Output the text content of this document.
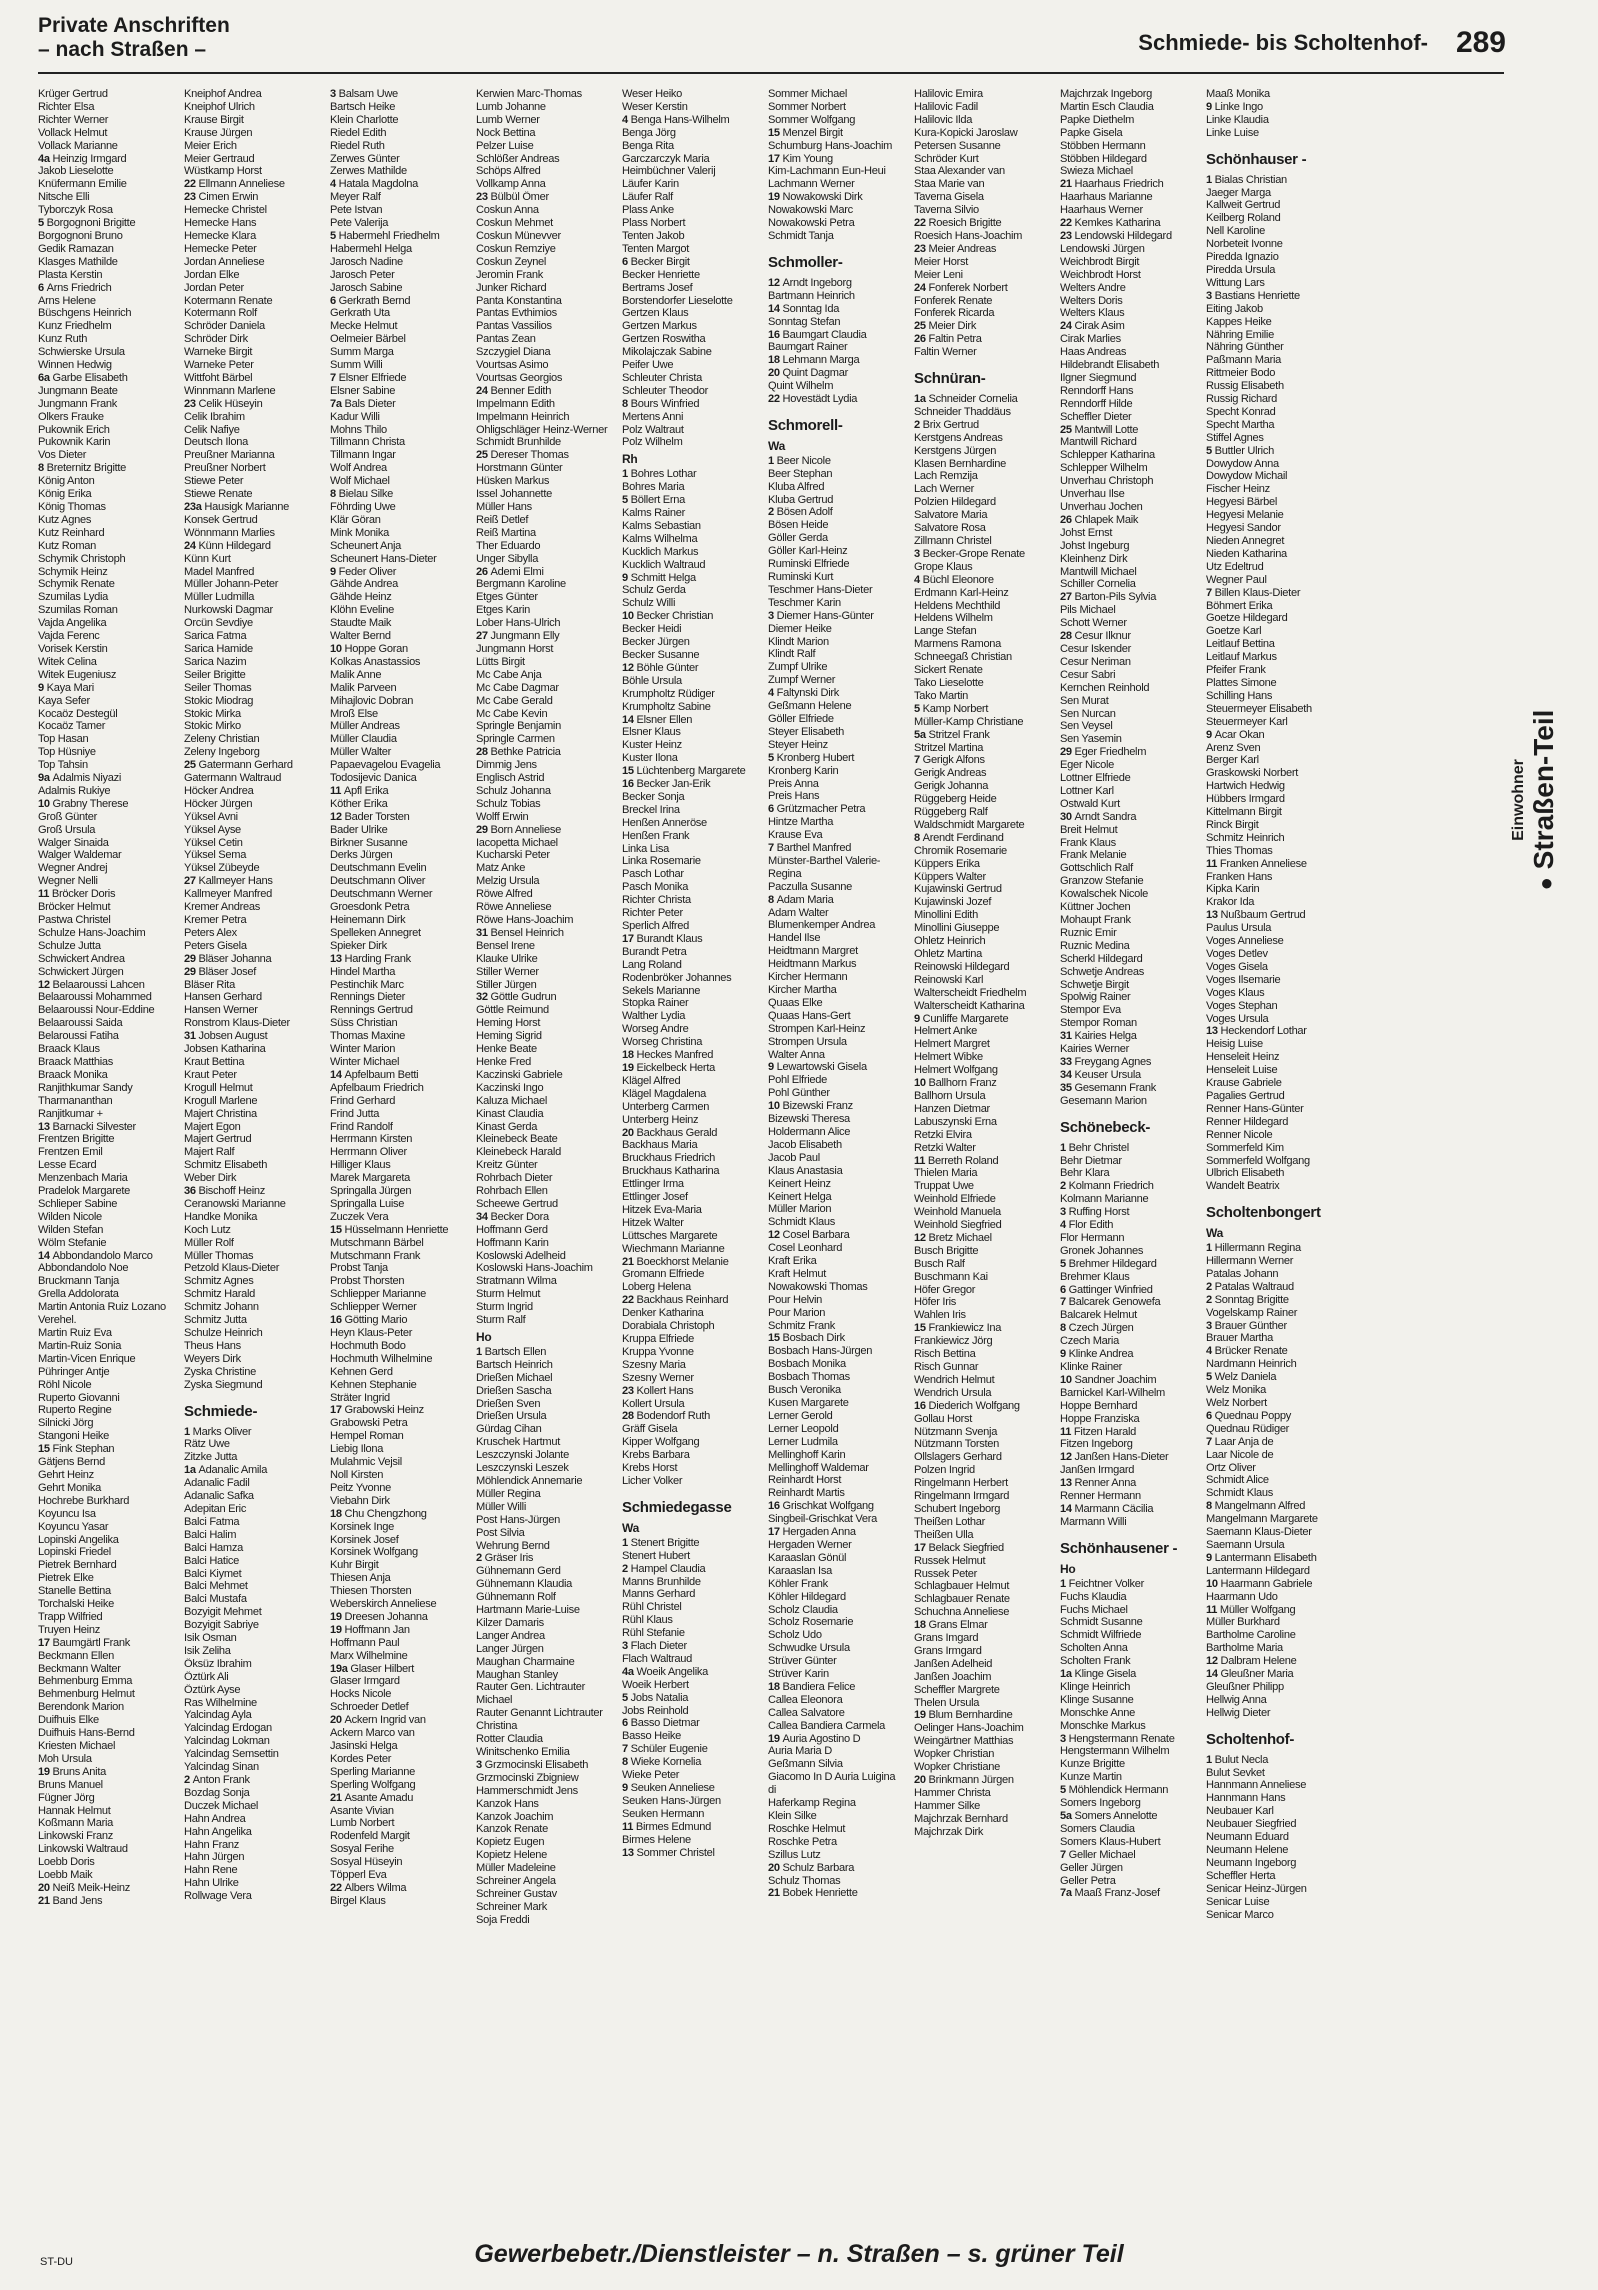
Private Anschriften
– nach Straßen –	Schmiede- bis Scholtenhof- 289
Krüger Gertrud
Richter Elsa
Richter Werner
Vollack Helmut
Vollack Marianne
4a Heinzig Irmgard
Jakob Lieselotte
Knüfermann Emilie
Nitsche Elli
Tyborczyk Rosa
5 Borgognoni Brigitte
Borgognoni Bruno
Gedik Ramazan
Klasges Mathilde
Plasta Kerstin
6 Arns Friedrich
Arns Helene
Büschgens Heinrich
Kunz Friedhelm
Kunz Ruth
Schwierske Ursula
Winnen Hedwig
6a Garbe Elisabeth
Jungmann Beate
Jungmann Frank
Olkers Frauke
Pukownik Erich
Pukownik Karin
Vos Dieter
8 Breternitz Brigitte
König Anton
König Erika
König Thomas
Kutz Agnes
Kutz Reinhard
Kutz Roman
Schymik Christoph
Schymik Heinz
Schymik Renate
Szumilas Lydia
Szumilas Roman
Vajda Angelika
Vajda Ferenc
Vorisek Kerstin
Witek Celina
Witek Eugeniusz
9 Kaya Mari
Kaya Sefer
Kocaöz Destegül
Kocaöz Tamer
Top Hasan
Top Hüsniye
Top Tahsin
9a Adalmis Niyazi
Adalmis Rukiye
10 Grabny Therese
Groß Günter
Groß Ursula
Walger Sinaida
Walger Waldemar
Wegner Andrej
Wegner Nelli
11 Bröcker Doris
Bröcker Helmut
Pastwa Christel
Schulze Hans-Joachim
Schulze Jutta
Schwickert Andrea
Schwickert Jürgen
12 Belaaroussi Lahcen
Belaaroussi Mohammed
Belaaroussi Nour-Eddine
Belaaroussi Saida
Belaroussi Fatiha
Braack Klaus
Braack Matthias
Braack Monika
Ranjithkumar Sandy
Tharmananthan
Ranjitkumar +
13 Barnacki Silvester
Frentzen Brigitte
Frentzen Emil
Lesse Ecard
Menzenbach Maria
Pradelok Margarete
Schlieper Sabine
Wilden Nicole
Wilden Stefan
Wölm Stefanie
14 Abbondandolo Marco
Abbondandolo Noe
Bruckmann Tanja
Grella Addolorata
Martin Antonia Ruiz Lozano
Verehel.
Martin Ruiz Eva
Martin-Ruiz Sonia
Martin-Vicen Enrique
Pühringer Antje
Röhl Nicole
Ruperto Giovanni
Ruperto Regine
Silnicki Jörg
Stangoni Heike
15 Fink Stephan
Gätjens Bernd
Gehrt Heinz
Gehrt Monika
Hochrebe Burkhard
Koyuncu Isa
Koyuncu Yasar
Lopinski Angelika
Lopinski Friedel
Pietrek Bernhard
Pietrek Elke
Stanelle Bettina
Torchalski Heike
Trapp Wilfried
Truyen Heinz
17 Baumgärtl Frank
Beckmann Ellen
Beckmann Walter
Behmenburg Emma
Behmenburg Helmut
Berendonk Marion
Duifhuis Elke
Duifhuis Hans-Bernd
Kriesten Michael
Moh Ursula
19 Bruns Anita
Bruns Manuel
Fügner Jörg
Hannak Helmut
Koßmann Maria
Linkowski Franz
Linkowski Waltraud
Loebb Doris
Loebb Maik
20 Neiß Meik-Heinz
21 Band Jens
Kneiphof Andrea
Kneiphof Ulrich
Krause Birgit
Krause Jürgen
Meier Erich
Meier Gertraud
Wüstkamp Horst
22 Ellmann Anneliese
23 Cimen Erwin
Hemecke Christel
Hemecke Hans
Hemecke Klara
Hemecke Peter
Jordan Anneliese
Jordan Elke
Jordan Peter
Kotermann Renate
Kotermann Rolf
Schröder Daniela
Schröder Dirk
Warneke Birgit
Warneke Peter
Wittfoht Bärbel
Winnmann Marlene
23 Celik Hüseyin
Celik Ibrahim
Celik Nafiye
Deutsch Ilona
Preußner Marianna
Preußner Norbert
Stiewe Peter
Stiewe Renate
23a Hausigk Marianne
Konsek Gertrud
Wönnmann Marlies
24 Künn Hildegard
Künn Kurt
Madel Manfred
Müller Johann-Peter
Müller Ludmilla
Nurkowski Dagmar
Orcün Sevdiye
Sarica Fatma
Sarica Hamide
Sarica Nazim
Seiler Brigitte
Seiler Thomas
Stokic Miodrag
Stokic Mirka
Stokic Mirko
Zeleny Christian
Zeleny Ingeborg
25 Gatermann Gerhard
Gatermann Waltraud
Höcker Andrea
Höcker Jürgen
Yüksel Avni
Yüksel Ayse
Yüksel Cetin
Yüksel Sema
Yüksel Zübeyde
27 Kallmeyer Hans
Kallmeyer Manfred
Kremer Andreas
Kremer Petra
Peters Alex
Peters Gisela
29 Bläser Johanna
29 Bläser Josef
Bläser Rita
Hansen Gerhard
Hansen Werner
Ronstrom Klaus-Dieter
31 Jobsen August
Jobsen Katharina
Kraut Bettina
Kraut Peter
Krogull Helmut
Krogull Marlene
Majert Christina
Majert Egon
Majert Gertrud
Majert Ralf
Schmitz Elisabeth
Weber Dirk
36 Bischoff Heinz
Ceranowski Marianne
Handke Monika
Koch Lutz
Müller Rolf
Müller Thomas
Petzold Klaus-Dieter
Schmitz Agnes
Schmitz Harald
Schmitz Johann
Schmitz Jutta
Schulze Heinrich
Theus Hans
Weyers Dirk
Zyska Christine
Zyska Siegmund
Schmiede-
1 Marks Oliver
Rätz Uwe
Zitzke Jutta
1a Adanalic Amila
Adanalic Fadil
Adanalic Safka
Adepitan Eric
Balci Fatma
Balci Halim
Balci Hamza
Balci Hatice
Balci Kiymet
Balci Mehmet
Balci Mustafa
Bozyigit Mehmet
Bozyigit Sabriye
Isik Osman
Isik Zeliha
Öksüz Ibrahim
Öztürk Ali
Öztürk Ayse
Ras Wilhelmine
Yalcindag Ayla
Yalcindag Erdogan
Yalcindag Lokman
Yalcindag Semsettin
Yalcindag Sinan
2 Anton Frank
Bozdag Sonja
Duczek Michael
Hahn Andrea
Hahn Angelika
Hahn Franz
Hahn Jürgen
Hahn Rene
Hahn Ulrike
Rollwage Vera
3 Balsam Uwe
Bartsch Heike
Klein Charlotte
Riedel Edith
Riedel Ruth
Zerwes Günter
Zerwes Mathilde
4 Hatala Magdolna
Meyer Ralf
Pete Istvan
Pete Valerija
5 Habermehl Friedhelm
Habermehl Helga
Jarosch Nadine
Jarosch Peter
Jarosch Sabine
6 Gerkrath Bernd
Gerkrath Uta
Mecke Helmut
Oelmeier Bärbel
Summ Marga
Summ Willi
7 Elsner Elfriede
Elsner Sabine
7a Bals Dieter
Kadur Willi
Mohns Thilo
Tillmann Christa
Tillmann Ingar
Wolf Andrea
Wolf Michael
8 Bielau Silke
Föhrding Uwe
Klär Göran
Mink Monika
Scheunert Anja
Scheunert Hans-Dieter
9 Feder Oliver
Gähde Andrea
Gähde Heinz
Klöhn Eveline
Staudte Maik
Walter Bernd
10 Hoppe Goran
Kolkas Anastassios
Malik Anne
Malik Parveen
Mihajlovic Dobran
Mroß Else
Müller Andreas
Müller Claudia
Müller Walter
Papaevagelou Evagelia
Todosijevic Danica
11 Apfl Erika
Köther Erika
12 Bader Torsten
Bader Ulrike
Birkner Susanne
Derks Jürgen
Deutschmann Evelin
Deutschmann Oliver
Deutschmann Werner
Groesdonk Petra
Heinemann Dirk
Spelleken Annegret
Spieker Dirk
13 Harding Frank
Hindel Martha
Pestinchik Marc
Rennings Dieter
Rennings Gertrud
Süss Christian
Thomas Maxine
Winter Marion
Winter Michael
14 Apfelbaum Betti
Apfelbaum Friedrich
Frind Gerhard
Frind Jutta
Frind Randolf
Herrmann Kirsten
Herrmann Oliver
Hilliger Klaus
Marek Margareta
Springalla Jürgen
Springalla Luise
Zuczek Vera
15 Hüsselmann Henriette
Mutschmann Bärbel
Mutschmann Frank
Probst Tanja
Probst Thorsten
Schliepper Marianne
Schliepper Werner
16 Götting Mario
Heyn Klaus-Peter
Hochmuth Bodo
Hochmuth Wilhelmine
Kehnen Gerd
Kehnen Stephanie
Sträter Ingrid
17 Grabowski Heinz
Grabowski Petra
Hempel Roman
Liebig Ilona
Mulahmic Vejsil
Noll Kirsten
Peitz Yvonne
Viebahn Dirk
18 Chu Chengzhong
Korsinek Inge
Korsinek Josef
Korsinek Wolfgang
Kuhr Birgit
Thiesen Anja
Thiesen Thorsten
Weberskirch Anneliese
19 Dreesen Johanna
19 Hoffmann Jan
Hoffmann Paul
Marx Wilhelmine
19a Glaser Hilbert
Glaser Irmgard
Hocks Nicole
Schroeder Detlef
20 Ackern Ingrid van
Ackern Marco van
Jasinski Helga
Kordes Peter
Sperling Marianne
Sperling Wolfgang
21 Asante Amadu
Asante Vivian
Lumb Norbert
Rodenfeld Margit
Sosyal Ferihe
Sosyal Hüseyin
Töpperl Eva
22 Albers Wilma
Birgel Klaus
Kerwien Marc-Thomas
Lumb Johanne
Lumb Werner
Nock Bettina
Pelzer Luise
Schlößer Andreas
Schöps Alfred
Vollkamp Anna
23 Bülbül Ömer
Coskun Anna
Coskun Mehmet
Coskun Münevver
Coskun Remziye
Coskun Zeynel
Jeromin Frank
Junker Richard
Panta Konstantina
Pantas Evthimios
Pantas Vassilios
Pantas Zean
Szczygiel Diana
Vourtsas Asimo
Vourtsas Georgios
24 Benner Edith
Impelmann Edith
Impelmann Heinrich
Ohligschläger Heinz-Werner
Schmidt Brunhilde
25 Dereser Thomas
Horstmann Günter
Hüsken Markus
Issel Johannette
Müller Hans
Reiß Detlef
Reiß Martina
Ther Eduardo
Unger Sibylla
26 Ademi Elmi
Bergmann Karoline
Etges Günter
Etges Karin
Lober Hans-Ulrich
27 Jungmann Elly
Jungmann Horst
Lütts Birgit
Mc Cabe Anja
Mc Cabe Dagmar
Mc Cabe Gerald
Mc Cabe Kevin
Springle Benjamin
Springle Carmen
28 Bethke Patricia
Dimmig Jens
Englisch Astrid
Schulz Johanna
Schulz Tobias
Wolff Erwin
29 Born Anneliese
Iacopetta Michael
Kucharski Peter
Matz Anke
Melzig Ursula
Röwe Alfred
Röwe Anneliese
Röwe Hans-Joachim
31 Bensel Heinrich
Bensel Irene
Klauke Ulrike
Stiller Werner
Stiller Jürgen
32 Göttle Gudrun
Göttle Reimund
Heming Horst
Heming Sigrid
Henke Beate
Henke Fred
Kaczinski Gabriele
Kaczinski Ingo
Kaluza Michael
Kinast Claudia
Kinast Gerda
Kleinebeck Beate
Kleinebeck Harald
Kreitz Günter
Rohrbach Dieter
Rohrbach Ellen
Scheewe Gertrud
34 Becker Dora
Hoffmann Gerd
Hoffmann Karin
Koslowski Adelheid
Koslowski Hans-Joachim
Stratmann Wilma
Sturm Helmut
Sturm Ingrid
Sturm Ralf
Ho
1 Bartsch Ellen
Bartsch Heinrich
Drießen Michael
Drießen Sascha
Drießen Sven
Drießen Ursula
Gürdag Cihan
Kruschek Hartmut
Leszczynski Jolante
Leszczynski Leszek
Möhlendick Annemarie
Müller Regina
Müller Willi
Post Hans-Jürgen
Post Silvia
Wehrung Bernd
2 Gräser Iris
Gühnemann Gerd
Gühnemann Klaudia
Gühnemann Rolf
Hartmann Marie-Luise
Kilzer Damaris
Langer Andrea
Langer Jürgen
Maughan Charmaine
Maughan Stanley
Rauter Gen. Lichtrauter
Michael
Rauter Genannt Lichtrauter
Christina
Rotter Claudia
Winitschenko Emilia
3 Grzmocinski Elisabeth
Grzmocinski Zbigniew
Hammerschmidt Jens
Kanzok Hans
Kanzok Joachim
Kanzok Renate
Kopietz Eugen
Kopietz Helene
Müller Madeleine
Schreiner Angela
Schreiner Gustav
Schreiner Mark
Soja Freddi
Weser Heiko
Weser Kerstin
4 Benga Hans-Wilhelm
Benga Jörg
Benga Rita
Garczarczyk Maria
Heimbüchner Valerij
Läufer Karin
Läufer Ralf
Plass Anke
Plass Norbert
Tenten Jakob
Tenten Margot
6 Becker Birgit
Becker Henriette
Bertrams Josef
Borstendorfer Lieselotte
Gertzen Klaus
Gertzen Markus
Gertzen Roswitha
Mikolajczak Sabine
Peifer Uwe
Schleuter Christa
Schleuter Theodor
8 Bours Winfried
Mertens Anni
Polz Waltraut
Polz Wilhelm
Rh
1 Bohres Lothar
Bohres Maria
5 Böllert Erna
Kalms Rainer
Kalms Sebastian
Kalms Wilhelma
Kucklich Markus
Kucklich Waltraud
9 Schmitt Helga
Schulz Gerda
Schulz Willi
10 Becker Christian
Becker Heidi
Becker Jürgen
Becker Susanne
12 Böhle Günter
Böhle Ursula
Krumpholtz Rüdiger
Krumpholtz Sabine
14 Elsner Ellen
Elsner Klaus
Kuster Heinz
Kuster Ilona
15 Lüchtenberg Margarete
16 Becker Jan-Erik
Becker Sonja
Breckel Irina
Henßen Anneröse
Henßen Frank
Linka Lisa
Linka Rosemarie
Pasch Lothar
Pasch Monika
Richter Christa
Richter Peter
Sperlich Alfred
17 Burandt Klaus
Burandt Petra
Lang Roland
Rodenbröker Johannes
Sekels Marianne
Stopka Rainer
Walther Lydia
Worseg Andre
Worseg Christina
18 Heckes Manfred
19 Eickelbeck Herta
Klägel Alfred
Klägel Magdalena
Unterberg Carmen
Unterberg Heinz
20 Backhaus Gerald
Backhaus Maria
Bruckhaus Friedrich
Bruckhaus Katharina
Ettlinger Irma
Ettlinger Josef
Hitzek Eva-Maria
Hitzek Walter
Lüttsches Margarete
Wiechmann Marianne
21 Boeckhorst Melanie
Gromann Elfriede
Loberg Helena
22 Backhaus Reinhard
Denker Katharina
Dorabiala Christoph
Kruppa Elfriede
Kruppa Yvonne
Szesny Maria
Szesny Werner
23 Kollert Hans
Kollert Ursula
28 Bodendorf Ruth
Gräff Gisela
Kipper Wolfgang
Krebs Barbara
Krebs Horst
Licher Volker
Schmiedegasse
Wa
1 Stenert Brigitte
Stenert Hubert
2 Hampel Claudia
Manns Brunhilde
Manns Gerhard
Rühl Christel
Rühl Klaus
Rühl Stefanie
3 Flach Dieter
Flach Waltraud
4a Woeik Angelika
Woeik Herbert
5 Jobs Natalia
Jobs Reinhold
6 Basso Dietmar
Basso Heike
7 Schüler Eugenie
8 Wieke Kornelia
Wieke Peter
9 Seuken Anneliese
Seuken Hans-Jürgen
Seuken Hermann
11 Birmes Edmund
Birmes Helene
13 Sommer Christel
Sommer Michael
Sommer Norbert
Sommer Wolfgang
15 Menzel Birgit
Schumburg Hans-Joachim
17 Kim Young
Kim-Lachmann Eun-Heui
Lachmann Werner
19 Nowakowski Dirk
Nowakowski Marc
Nowakowski Petra
Schmidt Tanja
Schmoller-
12 Arndt Ingeborg
Bartmann Heinrich
14 Sonntag Ida
Sonntag Stefan
16 Baumgart Claudia
Baumgart Rainer
18 Lehmann Marga
20 Quint Dagmar
Quint Wilhelm
22 Hovestädt Lydia
Schmorell-
Wa
1 Beer Nicole
Beer Stephan
Kluba Alfred
Kluba Gertrud
2 Bösen Adolf
Bösen Heide
Göller Gerda
Göller Karl-Heinz
Ruminski Elfriede
Ruminski Kurt
Teschmer Hans-Dieter
Teschmer Karin
3 Diemer Hans-Günter
Diemer Heike
Klindt Marion
Klindt Ralf
Zumpf Ulrike
Zumpf Werner
4 Faltynski Dirk
Geßmann Helene
Göller Elfriede
Steyer Elisabeth
Steyer Heinz
5 Kronberg Hubert
Kronberg Karin
Preis Anna
Preis Hans
6 Grützmacher Petra
Hintze Martha
Krause Eva
7 Barthel Manfred
Münster-Barthel Valerie-
Regina
Paczulla Susanne
8 Adam Maria
Adam Walter
Blumenkemper Andrea
Handel Ilse
Heidtmann Margret
Heidtmann Markus
Kircher Hermann
Kircher Martha
Quaas Elke
Quaas Hans-Gert
Strompen Karl-Heinz
Strompen Ursula
Walter Anna
9 Lewartowski Gisela
Pohl Elfriede
Pohl Günther
10 Bizewski Franz
Bizewski Theresa
Holdermann Alice
Jacob Elisabeth
Jacob Paul
Klaus Anastasia
Keinert Heinz
Keinert Helga
Müller Marion
Schmidt Klaus
12 Cosel Barbara
Cosel Leonhard
Kraft Erika
Kraft Helmut
Nowakowski Thomas
Pour Helvin
Pour Marion
Schmitz Frank
15 Bosbach Dirk
Bosbach Hans-Jürgen
Bosbach Monika
Bosbach Thomas
Busch Veronika
Kusen Margarete
Lerner Gerold
Lerner Leopold
Lerner Ludmila
Mellinghoff Karin
Mellinghoff Waldemar
Reinhardt Horst
Reinhardt Martis
16 Grischkat Wolfgang
Singbeil-Grischkat Vera
17 Hergaden Anna
Hergaden Werner
Karaaslan Gönül
Karaaslan Isa
Köhler Frank
Köhler Hildegard
Scholz Claudia
Scholz Rosemarie
Scholz Udo
Schwudke Ursula
Strüver Günter
Strüver Karin
18 Bandiera Felice
Callea Eleonora
Callea Salvatore
Callea Bandiera Carmela
19 Auria Agostino D
Auria Maria D
Geßmann Silvia
Giacomo In D Auria Luigina
di
Haferkamp Regina
Klein Silke
Roschke Helmut
Roschke Petra
Szillus Lutz
20 Schulz Barbara
Schulz Thomas
21 Bobek Henriette
Halilovic Emira
Halilovic Fadil
Halilovic Ilda
Kura-Kopicki Jaroslaw
Petersen Susanne
Schröder Kurt
Staa Alexander van
Staa Marie van
Taverna Gisela
Taverna Silvio
22 Roesich Brigitte
Roesich Hans-Joachim
23 Meier Andreas
Meier Horst
Meier Leni
24 Fonferek Norbert
Fonferek Renate
Fonferek Ricarda
25 Meier Dirk
26 Faltin Petra
Faltin Werner
Schnüran-
1a Schneider Cornelia
Schneider Thaddäus
2 Brix Gertrud
Kerstgens Andreas
Kerstgens Jürgen
Klasen Bernhardine
Lach Remzija
Lach Werner
Polzien Hildegard
Salvatore Maria
Salvatore Rosa
Zillmann Christel
3 Becker-Grope Renate
Grope Klaus
4 Büchl Eleonore
Erdmann Karl-Heinz
Heldens Mechthild
Heldens Wilhelm
Lange Stefan
Marmens Ramona
Schneegaß Christian
Sickert Renate
Tako Lieselotte
Tako Martin
5 Kamp Norbert
Müller-Kamp Christiane
5a Stritzel Frank
Stritzel Martina
7 Gerigk Alfons
Gerigk Andreas
Gerigk Johanna
Rüggeberg Heide
Rüggeberg Ralf
Waldschmidt Margarete
8 Arendt Ferdinand
Chromik Rosemarie
Küppers Erika
Küppers Walter
Kujawinski Gertrud
Kujawinski Jozef
Minollini Edith
Minollini Giuseppe
Ohletz Heinrich
Ohletz Martina
Reinowski Hildegard
Reinowski Karl
Walterscheidt Friedhelm
Walterscheidt Katharina
9 Cunliffe Margarete
Helmert Anke
Helmert Margret
Helmert Wibke
Helmert Wolfgang
10 Ballhorn Franz
Ballhorn Ursula
Hanzen Dietmar
Labuszynski Erna
Retzki Elvira
Retzki Walter
11 Berreth Roland
Thielen Maria
Truppat Uwe
Weinhold Elfriede
Weinhold Manuela
Weinhold Siegfried
12 Bretz Michael
Busch Brigitte
Busch Ralf
Buschmann Kai
Höfer Gregor
Höfer Iris
Wahlen Iris
15 Frankiewicz Ina
Frankiewicz Jörg
Risch Bettina
Risch Gunnar
Wendrich Helmut
Wendrich Ursula
16 Diederich Wolfgang
Gollau Horst
Nützmann Svenja
Nützmann Torsten
Ollslagers Gerhard
Polzen Ingrid
Ringelmann Herbert
Ringelmann Irmgard
Schubert Ingeborg
Theißen Lothar
Theißen Ulla
17 Belack Siegfried
Russek Helmut
Russek Peter
Schlagbauer Helmut
Schlagbauer Renate
Schuchna Anneliese
18 Grans Elmar
Grans Imgard
Grans Irmgard
Janßen Adelheid
Janßen Joachim
Scheffler Margrete
Thelen Ursula
19 Blum Bernhardine
Oelinger Hans-Joachim
Weingärtner Matthias
Wopker Christian
Wopker Christiane
20 Brinkmann Jürgen
Hammer Christa
Hammer Silke
Majchrzak Bernhard
Majchrzak Dirk
Majchrzak Ingeborg
Martin Esch Claudia
Papke Diethelm
Papke Gisela
Stöbben Hermann
Stöbben Hildegard
Swieza Michael
21 Haarhaus Friedrich
Haarhaus Marianne
Haarhaus Werner
22 Kemkes Katharina
23 Lendowski Hildegard
Lendowski Jürgen
Weichbrodt Birgit
Weichbrodt Horst
Welters Andre
Welters Doris
Welters Klaus
24 Cirak Asim
Cirak Marlies
Haas Andreas
Hildebrandt Elisabeth
Ilgner Siegmund
Renndorff Hans
Renndorff Hilde
Scheffler Dieter
25 Mantwill Lotte
Mantwill Richard
Schlepper Katharina
Schlepper Wilhelm
Unverhau Christoph
Unverhau Ilse
Unverhau Jochen
26 Chlapek Maik
Johst Ernst
Johst Ingeburg
Kleinhenz Dirk
Mantwill Michael
Schiller Cornelia
27 Barton-Pils Sylvia
Pils Michael
Schott Werner
28 Cesur Ilknur
Cesur Iskender
Cesur Neriman
Cesur Sabri
Kernchen Reinhold
Sen Murat
Sen Nurcan
Sen Veysel
Sen Yasemin
29 Eger Friedhelm
Eger Nicole
Lottner Elfriede
Lottner Karl
Ostwald Kurt
30 Arndt Sandra
Breit Helmut
Frank Klaus
Frank Melanie
Gottschlich Ralf
Granzow Stefanie
Kowalschek Nicole
Küttner Jochen
Mohaupt Frank
Ruznic Emir
Ruznic Medina
Scherkl Hildegard
Schwetje Andreas
Schwetje Birgit
Spolwig Rainer
Stempor Eva
Stempor Roman
31 Kairies Helga
Kairies Werner
33 Freygang Agnes
34 Keuser Ursula
35 Gesemann Frank
Gesemann Marion
Schönebeck-
1 Behr Christel
Behr Dietmar
Behr Klara
2 Kolmann Friedrich
Kolmann Marianne
3 Ruffing Horst
4 Flor Edith
Flor Hermann
Gronek Johannes
5 Brehmer Hildegard
Brehmer Klaus
6 Gattinger Winfried
7 Balcarek Genowefa
Balcarek Helmut
8 Czech Jürgen
Czech Maria
9 Klinke Andrea
Klinke Rainer
10 Sandner Joachim
Barnickel Karl-Wilhelm
Hoppe Bernhard
Hoppe Franziska
11 Fitzen Harald
Fitzen Ingeborg
12 Janßen Hans-Dieter
Janßen Irmgard
13 Renner Anna
Renner Hermann
14 Marmann Cäcilia
Marmann Willi
Schönhausener -
Ho
1 Feichtner Volker
Fuchs Klaudia
Fuchs Michael
Schmidt Susanne
Schmidt Wilfriede
Scholten Anna
Scholten Frank
1a Klinge Gisela
Klinge Heinrich
Klinge Susanne
Monschke Anne
Monschke Markus
3 Hengstermann Renate
Hengstermann Wilhelm
Kunze Brigitte
Kunze Martin
5 Möhlendick Hermann
Somers Ingeborg
5a Somers Annelotte
Somers Claudia
Somers Klaus-Hubert
7 Geller Michael
Geller Jürgen
Geller Petra
7a Maaß Franz-Josef
Maaß Monika
9 Linke Ingo
Linke Klaudia
Linke Luise
Schönhauser -
1 Bialas Christian
Jaeger Marga
Kallweit Gertrud
Keilberg Roland
Nell Karoline
Norbeteit Ivonne
Piredda Ignazio
Piredda Ursula
Wittung Lars
3 Bastians Henriette
Eiting Jakob
Kappes Heike
Nähring Emilie
Nähring Günther
Paßmann Maria
Rittmeier Bodo
Russig Elisabeth
Russig Richard
Specht Konrad
Specht Martha
Stiffel Agnes
5 Buttler Ulrich
Dowydow Anna
Dowydow Michail
Fischer Heinz
Hegyesi Bärbel
Hegyesi Melanie
Hegyesi Sandor
Nieden Annegret
Nieden Katharina
Utz Edeltrud
Wegner Paul
7 Billen Klaus-Dieter
Böhmert Erika
Goetze Hildegard
Goetze Karl
Leitlauf Bettina
Leitlauf Markus
Pfeifer Frank
Plattes Simone
Schilling Hans
Steuermeyer Elisabeth
Steuermeyer Karl
9 Acar Okan
Arenz Sven
Berger Karl
Graskowski Norbert
Hartwich Hedwig
Hübbers Irmgard
Kittelmann Birgit
Rinck Birgit
Schmitz Heinrich
Thies Thomas
11 Franken Anneliese
Franken Hans
Kipka Karin
Krakor Ida
13 Nußbaum Gertrud
Paulus Ursula
Voges Anneliese
Voges Detlev
Voges Gisela
Voges Ilsemarie
Voges Klaus
Voges Stephan
Voges Ursula
13 Heckendorf Lothar
Heisig Luise
Henseleit Heinz
Henseleit Luise
Krause Gabriele
Pagalies Gertrud
Renner Hans-Günter
Renner Hildegard
Renner Nicole
Sommerfeld Kim
Sommerfeld Wolfgang
Ulbrich Elisabeth
Wandelt Beatrix
Scholtenbongert
Wa
1 Hillermann Regina
Hillermann Werner
Patalas Johann
2 Patalas Waltraud
2 Sonntag Brigitte
Vogelskamp Rainer
3 Brauer Günther
Brauer Martha
4 Brücker Renate
Nardmann Heinrich
5 Welz Daniela
Welz Monika
Welz Norbert
6 Quednau Poppy
Quednau Rüdiger
7 Laar Anja de
Laar Nicole de
Ortz Oliver
Schmidt Alice
Schmidt Klaus
8 Mangelmann Alfred
Mangelmann Margarete
Saemann Klaus-Dieter
Saemann Ursula
9 Lantermann Elisabeth
Lantermann Hildegard
10 Haarmann Gabriele
Haarmann Udo
11 Müller Wolfgang
Müller Burkhard
Bartholme Caroline
Bartholme Maria
12 Dalbram Helene
14 Gleußner Maria
Gleußner Philipp
Hellwig Anna
Hellwig Dieter
Scholtenhof-
1 Bulut Necla
Bulut Sevket
Hannmann Anneliese
Hannmann Hans
Neubauer Karl
Neubauer Siegfried
Neumann Eduard
Neumann Helene
Neumann Ingeborg
Scheffler Herta
Senicar Heinz-Jürgen
Senicar Luise
Senicar Marco
Einwohner
● Straßen-Teil
ST-DU	Gewerbebetr./Dienstleister – n. Straßen – s. grüner Teil
